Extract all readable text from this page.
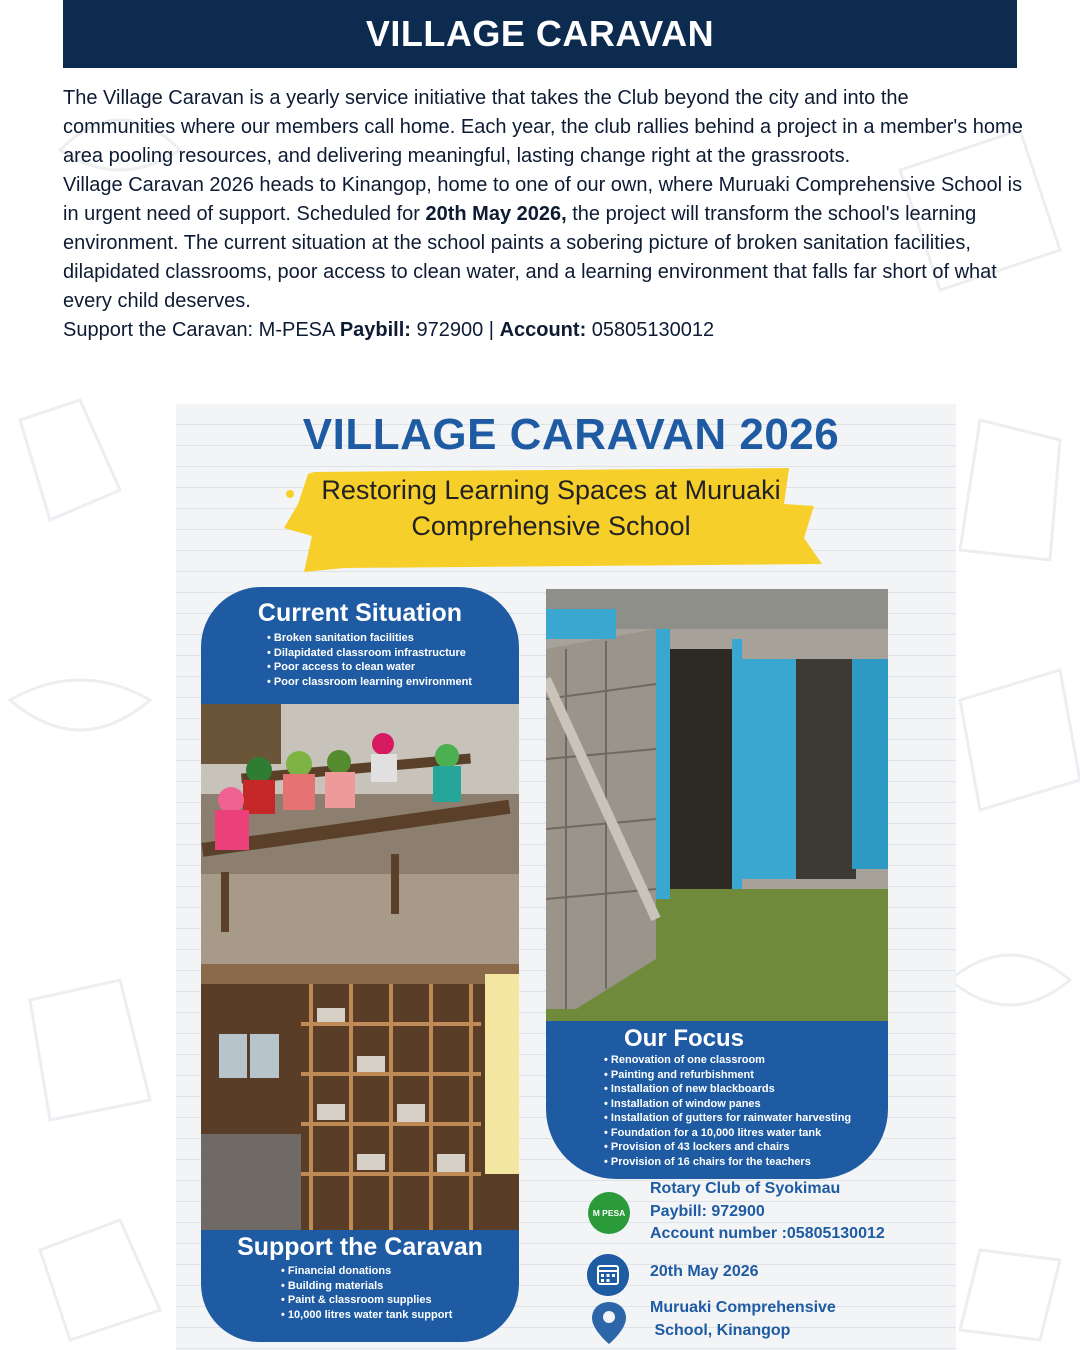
VILLAGE CARAVAN

The Village Caravan is a yearly service initiative that takes the Club beyond the city and into the communities where our members call home. Each year, the club rallies behind a project in a member's home area pooling resources, and delivering meaningful, lasting change right at the grassroots.

Village Caravan 2026 heads to Kinangop, home to one of our own, where Muruaki Comprehensive School is in urgent need of support. Scheduled for 20th May 2026, the project will transform the school's learning environment. The current situation at the school paints a sobering picture of broken sanitation facilities, dilapidated classrooms, poor access to clean water, and a learning environment that falls far short of what every child deserves.

Support the Caravan: M-PESA Paybill: 972900 | Account: 05805130012

VILLAGE CARAVAN 2026
Restoring Learning Spaces at Muruaki
Comprehensive School
Current Situation
• Broken sanitation facilities
• Dilapidated classroom infrastructure
• Poor access to clean water
• Poor classroom learning environment
Our Focus
• Renovation of one classroom
• Painting and refurbishment
• Installation of new blackboards
• Installation of window panes
• Installation of gutters for rainwater harvesting
• Foundation for a 10,000 litres water tank
• Provision of 43 lockers and chairs
• Provision of 16 chairs for the teachers
Support the Caravan
• Financial donations
• Building materials
• Paint & classroom supplies
• 10,000 litres water tank support
M PESA
Rotary Club of Syokimau
Paybill: 972900
Account number :05805130012
20th May 2026
Muruaki Comprehensive
School, Kinangop
